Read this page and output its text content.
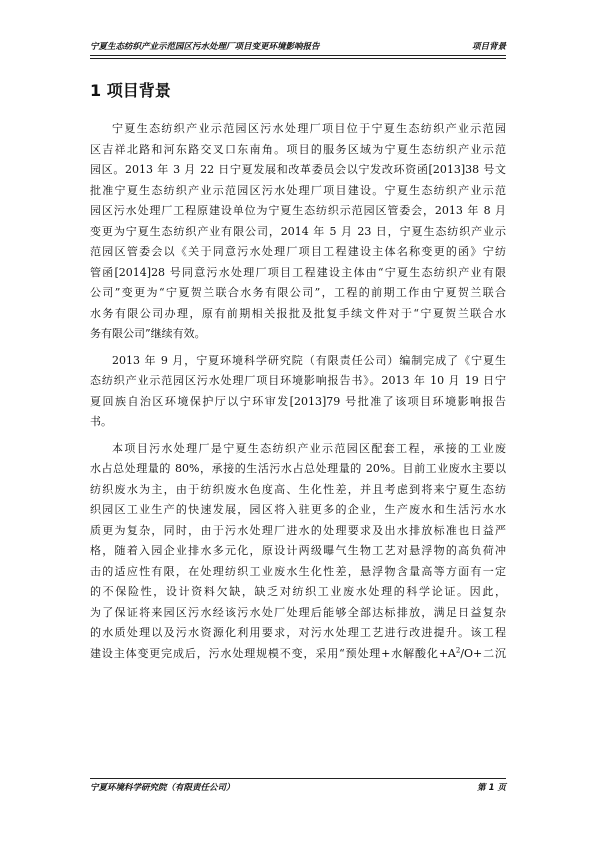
宁夏生态纺织产业示范园区污水处理厂项目变更环境影响报告	项目背景
1 项目背景
宁夏生态纺织产业示范园区污水处理厂项目位于宁夏生态纺织产业示范园
区吉祥北路和河东路交叉口东南角。项目的服务区域为宁夏生态纺织产业示范
园区。2013 年 3 月 22 日宁夏发展和改革委员会以宁发改环资函[2013]38 号文
批准宁夏生态纺织产业示范园区污水处理厂项目建设。宁夏生态纺织产业示范
园区污水处理厂工程原建设单位为宁夏生态纺织示范园区管委会，2013 年 8 月
变更为宁夏生态纺织产业有限公司，2014 年 5 月 23 日，宁夏生态纺织产业示
范园区管委会以《关于同意污水处理厂项目工程建设主体名称变更的函》宁纺
管函[2014]28 号同意污水处理厂项目工程建设主体由“宁夏生态纺织产业有限
公司”变更为“宁夏贺兰联合水务有限公司”，工程的前期工作由宁夏贺兰联合
水务有限公司办理，原有前期相关报批及批复手续文件对于“宁夏贺兰联合水
务有限公司”继续有效。
2013 年 9 月，宁夏环境科学研究院（有限责任公司）编制完成了《宁夏生
态纺织产业示范园区污水处理厂项目环境影响报告书》。2013 年 10 月 19 日宁
夏回族自治区环境保护厅以宁环审发[2013]79 号批准了该项目环境影响报告
书。
本项目污水处理厂是宁夏生态纺织产业示范园区配套工程，承接的工业废
水占总处理量的 80%，承接的生活污水占总处理量的 20%。目前工业废水主要以
纺织废水为主，由于纺织废水色度高、生化性差，并且考虑到将来宁夏生态纺
织园区工业生产的快速发展，园区将入驻更多的企业，生产废水和生活污水水
质更为复杂，同时，由于污水处理厂进水的处理要求及出水排放标准也日益严
格，随着入园企业排水多元化，原设计两级曝气生物工艺对悬浮物的高负荷冲
击的适应性有限，在处理纺织工业废水生化性差，悬浮物含量高等方面有一定
的不保险性，设计资料欠缺，缺乏对纺织工业废水处理的科学论证。因此，
为了保证将来园区污水经该污水处厂处理后能够全部达标排放，满足日益复杂
的水质处理以及污水资源化利用要求，对污水处理工艺进行改进提升。该工程
建设主体变更完成后，污水处理规模不变，采用“预处理+水解酸化$+A^2/O+$二沉
宁夏环境科学研究院（有限责任公司）	第 1 页
